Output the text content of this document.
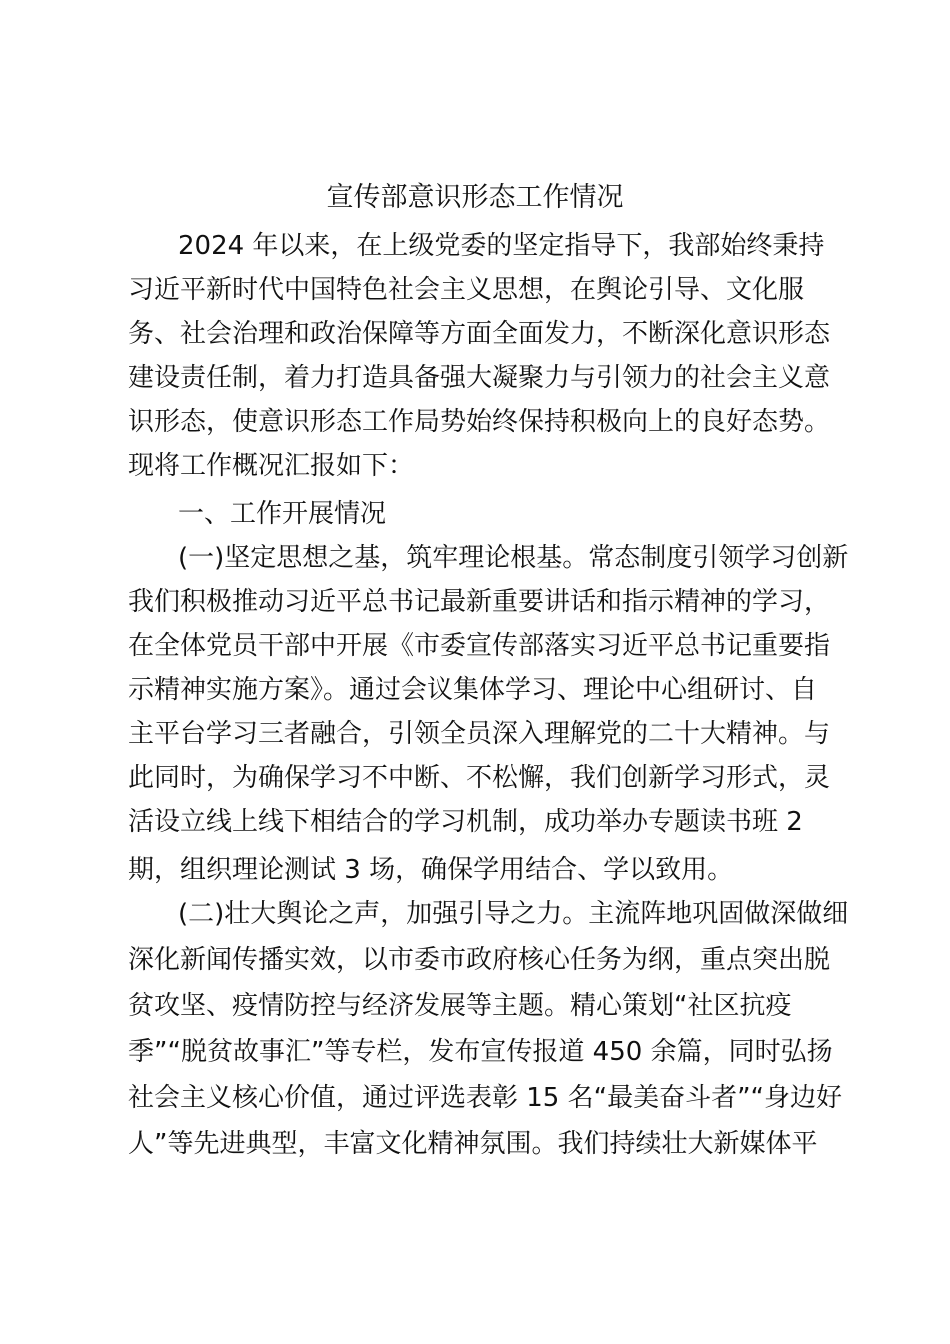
宣传部意识形态工作情况
2024 年以来，在上级党委的坚定指导下，我部始终秉持
习近平新时代中国特色社会主义思想，在舆论引导、文化服
务、社会治理和政治保障等方面全面发力，不断深化意识形态
建设责任制，着力打造具备强大凝聚力与引领力的社会主义意
识形态，使意识形态工作局势始终保持积极向上的良好态势。
现将工作概况汇报如下：
一、工作开展情况
(一)坚定思想之基，筑牢理论根基。常态制度引领学习创新
我们积极推动习近平总书记最新重要讲话和指示精神的学习，
在全体党员干部中开展《市委宣传部落实习近平总书记重要指
示精神实施方案》。通过会议集体学习、理论中心组研讨、自
主平台学习三者融合，引领全员深入理解党的二十大精神。与
此同时，为确保学习不中断、不松懈，我们创新学习形式，灵
活设立线上线下相结合的学习机制，成功举办专题读书班 2
期，组织理论测试 3 场，确保学用结合、学以致用。
(二)壮大舆论之声，加强引导之力。主流阵地巩固做深做细
深化新闻传播实效，以市委市政府核心任务为纲，重点突出脱
贫攻坚、疫情防控与经济发展等主题。精心策划“社区抗疫
季”“脱贫故事汇”等专栏，发布宣传报道 450 余篇，同时弘扬
社会主义核心价值，通过评选表彰 15 名“最美奋斗者”“身边好
人”等先进典型，丰富文化精神氛围。我们持续壮大新媒体平
